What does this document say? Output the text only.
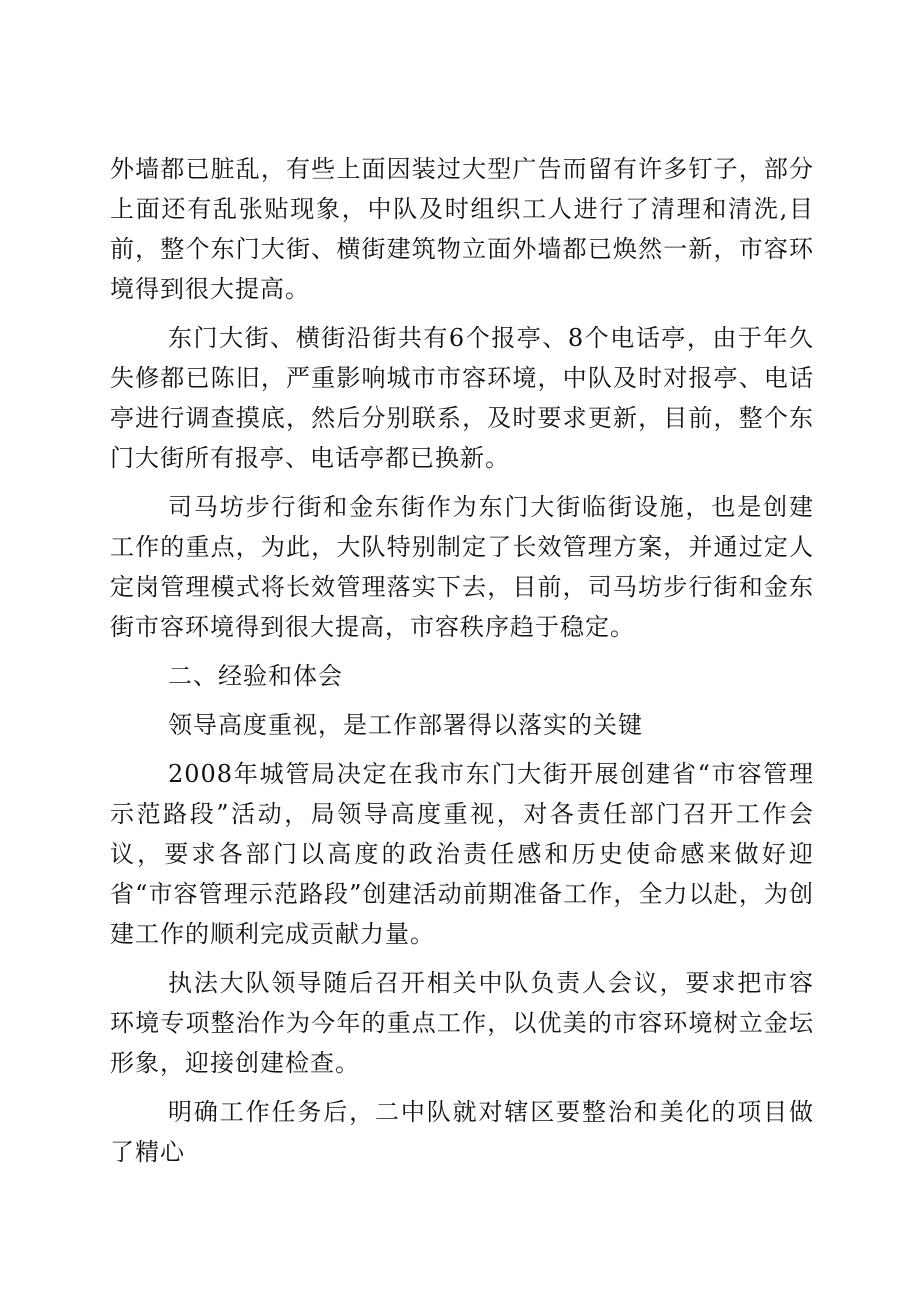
外墙都已脏乱，有些上面因装过大型广告而留有许多钉子，部分上面还有乱张贴现象，中队及时组织工人进行了清理和清洗,目前，整个东门大街、横街建筑物立面外墙都已焕然一新，市容环境得到很大提高。

东门大街、横街沿街共有6个报亭、8个电话亭，由于年久失修都已陈旧，严重影响城市市容环境，中队及时对报亭、电话亭进行调查摸底，然后分别联系，及时要求更新，目前，整个东门大街所有报亭、电话亭都已换新。

司马坊步行街和金东街作为东门大街临街设施，也是创建工作的重点，为此，大队特别制定了长效管理方案，并通过定人定岗管理模式将长效管理落实下去，目前，司马坊步行街和金东街市容环境得到很大提高，市容秩序趋于稳定。

二、经验和体会

领导高度重视，是工作部署得以落实的关键

2008年城管局决定在我市东门大街开展创建省“市容管理示范路段”活动，局领导高度重视，对各责任部门召开工作会议，要求各部门以高度的政治责任感和历史使命感来做好迎省“市容管理示范路段”创建活动前期准备工作，全力以赴，为创建工作的顺利完成贡献力量。

执法大队领导随后召开相关中队负责人会议，要求把市容环境专项整治作为今年的重点工作，以优美的市容环境树立金坛形象，迎接创建检查。

明确工作任务后，二中队就对辖区要整治和美化的项目做了精心
